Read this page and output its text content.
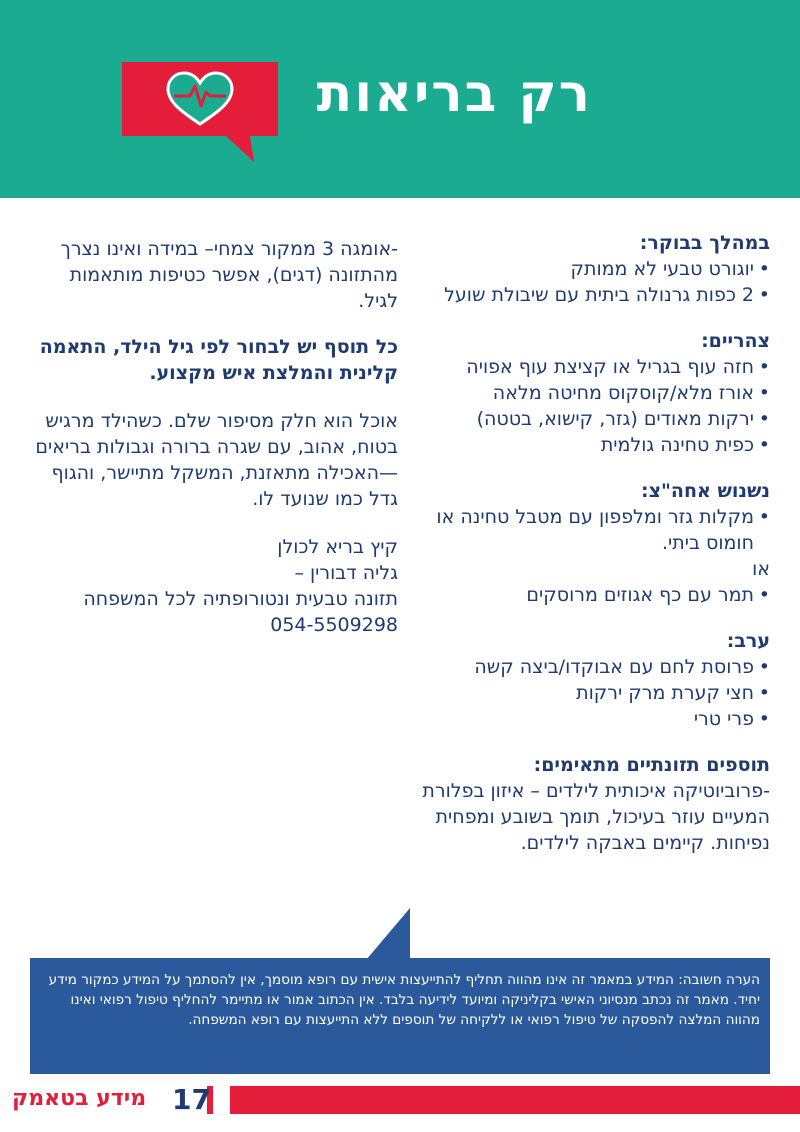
רק בריאות
במהלך בבוקר:
• יוגורט טבעי לא ממותק
• 2 כפות גרנולה ביתית עם שיבולת שועל
צהריים:
• חזה עוף בגריל או קציצת עוף אפויה
• אורז מלא/קוסקוס מחיטה מלאה
• ירקות מאודים (גזר, קישוא, בטטה)
• כפית טחינה גולמית
נשנוש אחה"צ:
• מקלות גזר ומלפפון עם מטבל טחינה או חומוס ביתי.

או

• תמר עם כף אגוזים מרוסקים
ערב:
• פרוסת לחם עם אבוקדו/ביצה קשה
• חצי קערת מרק ירקות
• פרי טרי
תוספים תזונתיים מתאימים:

-פרוביוטיקה איכותית לילדים – איזון בפלורת המעיים עוזר בעיכול, תומך בשובע ומפחית נפיחות. קיימים באבקה לילדים.

-אומגה 3 ממקור צמחי– במידה ואינו נצרך מהתזונה (דגים), אפשר כטיפות מותאמות לגיל.

כל תוסף יש לבחור לפי גיל הילד, התאמה קלינית והמלצת איש מקצוע.

אוכל הוא חלק מסיפור שלם. כשהילד מרגיש בטוח, אהוב, עם שגרה ברורה וגבולות בריאים—האכילה מתאזנת, המשקל מתיישר, והגוף גדל כמו שנועד לו.

קיץ בריא לכולן

גליה דבורין –

תזונה טבעית ונטורופתיה לכל המשפחה

054-5509298

הערה חשובה: המידע במאמר זה אינו מהווה תחליף להתייעצות אישית עם רופא מוסמך, אין להסתמך על המידע כמקור מידע יחיד. מאמר זה נכתב מנסיוני האישי בקליניקה ומיועד לידיעה בלבד. אין הכתוב אמור או מתיימר להחליף טיפול רפואי ואינו מהווה המלצה להפסקה של טיפול רפואי או ללקיחה של תוספים ללא התייעצות עם רופא המשפחה.
17
מידע בטאמק
